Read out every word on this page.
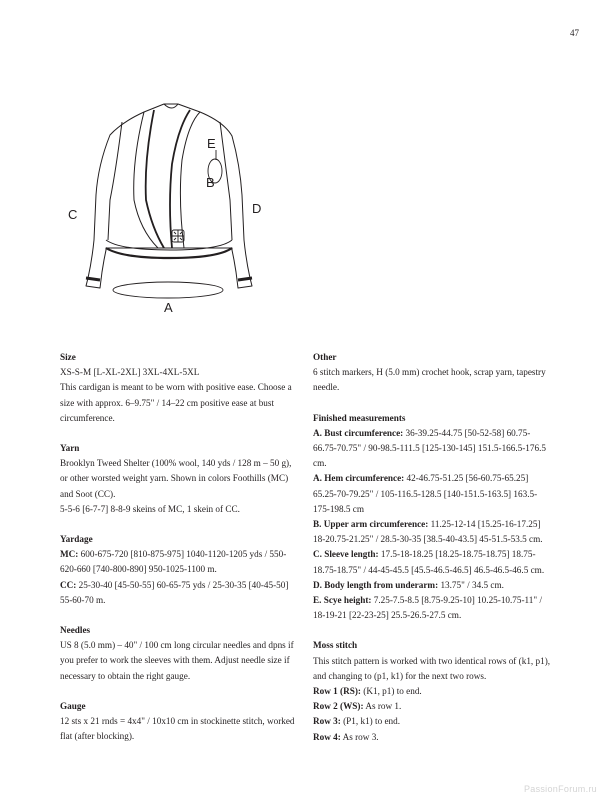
47
A
B
C	D
E
Size

XS-S-M [L-XL-2XL] 3XL-4XL-5XL

This cardigan is meant to be worn with positive ease. Choose a size with approx. 6–9.75" / 14–22 cm positive ease at bust circumference.

Yarn

Brooklyn Tweed Shelter (100% wool, 140 yds / 128 m – 50 g), or other worsted weight yarn. Shown in colors Foothills (MC) and Soot (CC).

5-5-6 [6-7-7] 8-8-9 skeins of MC, 1 skein of CC.

Yardage

MC: 600-675-720 [810-875-975] 1040-1120-1205 yds / 550-620-660 [740-800-890] 950-1025-1100 m.

CC: 25-30-40 [45-50-55] 60-65-75 yds / 25-30-35 [40-45-50] 55-60-70 m.

Needles

US 8 (5.0 mm) – 40" / 100 cm long circular needles and dpns if you prefer to work the sleeves with them. Adjust needle size if necessary to obtain the right gauge.

Gauge

12 sts x 21 rnds = 4x4" / 10x10 cm in stockinette stitch, worked flat (after blocking).

Other

6 stitch markers, H (5.0 mm) crochet hook, scrap yarn, tapestry needle.

Finished measurements

A. Bust circumference: 36-39.25-44.75 [50-52-58] 60.75-66.75-70.75" / 90-98.5-111.5 [125-130-145] 151.5-166.5-176.5 cm.

A. Hem circumference: 42-46.75-51.25 [56-60.75-65.25] 65.25-70-79.25" / 105-116.5-128.5 [140-151.5-163.5] 163.5-175-198.5 cm

B. Upper arm circumference: 11.25-12-14 [15.25-16-17.25] 18-20.75-21.25" / 28.5-30-35 [38.5-40-43.5] 45-51.5-53.5 cm.

C. Sleeve length: 17.5-18-18.25 [18.25-18.75-18.75] 18.75-18.75-18.75" / 44-45-45.5 [45.5-46.5-46.5] 46.5-46.5-46.5 cm.

D. Body length from underarm: 13.75" / 34.5 cm.

E. Scye height: 7.25-7.5-8.5 [8.75-9.25-10] 10.25-10.75-11" / 18-19-21 [22-23-25] 25.5-26.5-27.5 cm.

Moss stitch

This stitch pattern is worked with two identical rows of (k1, p1), and changing to (p1, k1) for the next two rows.

Row 1 (RS): (K1, p1) to end.

Row 2 (WS): As row 1.

Row 3: (P1, k1) to end.

Row 4: As row 3.

PassionForum.ru
